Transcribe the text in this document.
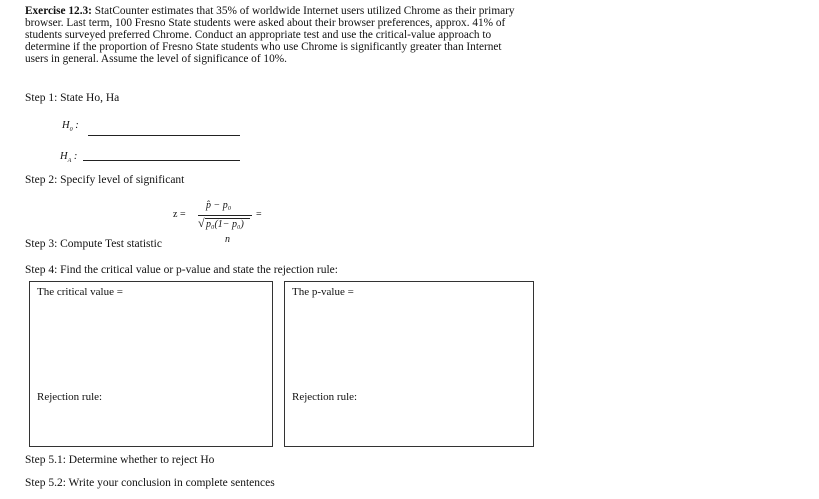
Exercise 12.3: StatCounter estimates that 35% of worldwide Internet users utilized Chrome as their primary browser. Last term, 100 Fresno State students were asked about their browser preferences, approx. 41% of students surveyed preferred Chrome. Conduct an appropriate test and use the critical-value approach to determine if the proportion of Fresno State students who use Chrome is significantly greater than Internet users in general. Assume the level of significance of 10%.
Step 1: State Ho, Ha
$H_0$ :
$H_A$ :
Step 2: Specify level of significant
z =
p̂ − p₀
√ p₀(1− p₀)
n
=
Step 3: Compute Test statistic
Step 4: Find the critical value or p-value and state the rejection rule:
The critical value =
Rejection rule:
The p-value =
Rejection rule:
Step 5.1: Determine whether to reject Ho
Step 5.2: Write your conclusion in complete sentences
